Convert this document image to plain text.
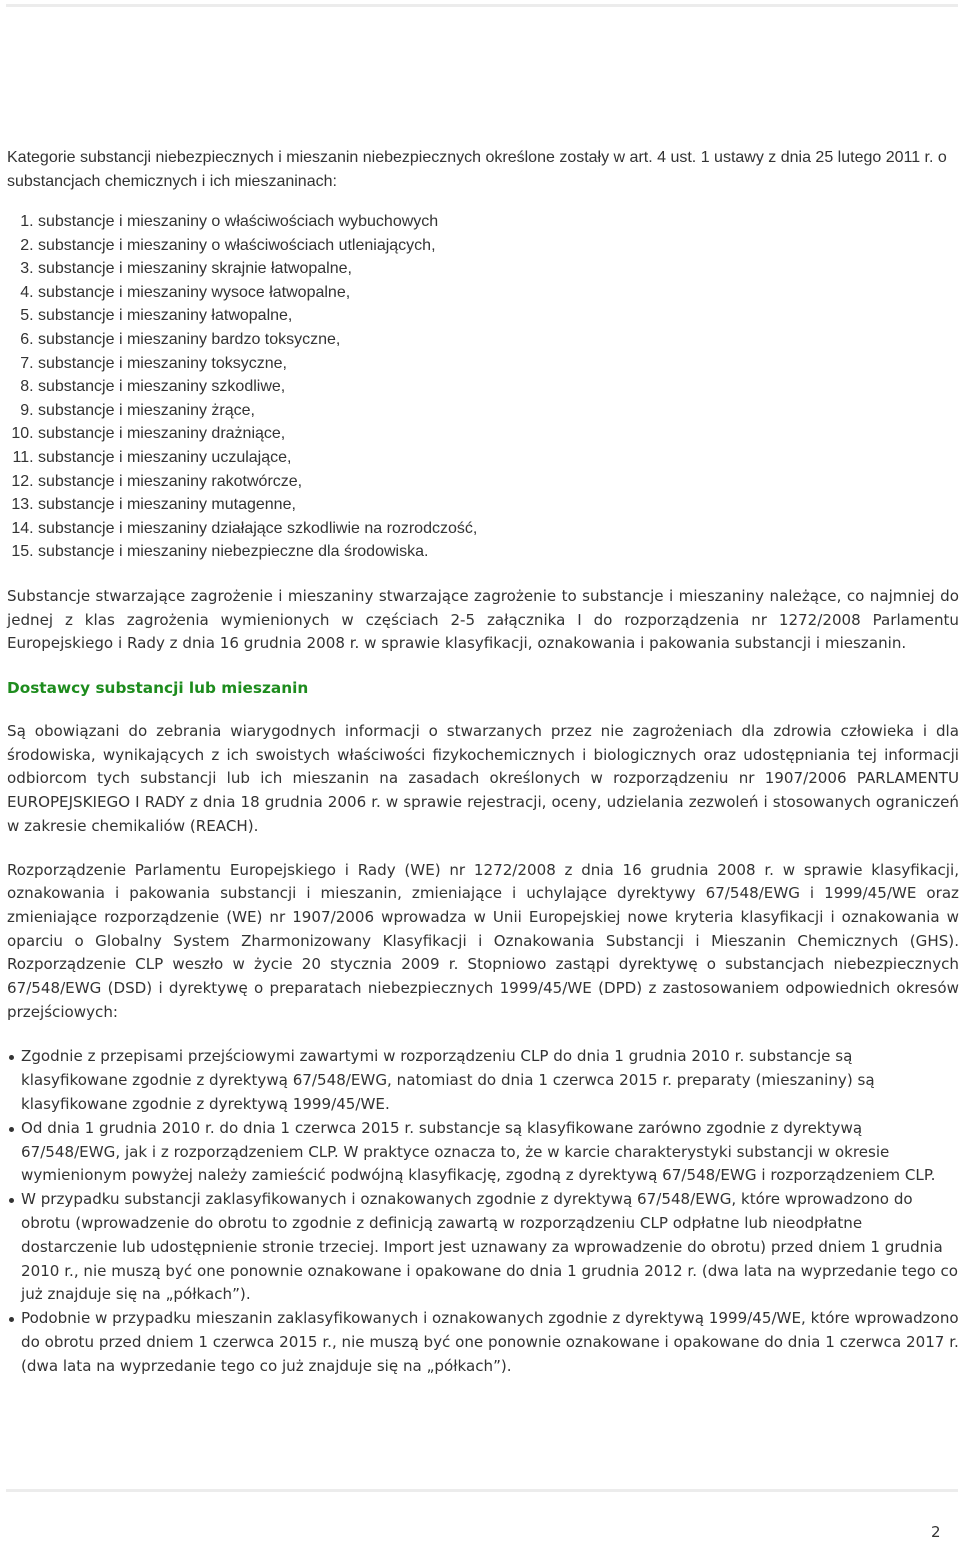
Kategorie substancji niebezpiecznych i mieszanin niebezpiecznych określone zostały w art. 4 ust. 1 ustawy z dnia 25 lutego 2011 r. o substancjach chemicznych i ich mieszaninach:

1. substancje i mieszaniny o właściwościach wybuchowych
2. substancje i mieszaniny o właściwościach utleniających,
3. substancje i mieszaniny skrajnie łatwopalne,
4. substancje i mieszaniny wysoce łatwopalne,
5. substancje i mieszaniny łatwopalne,
6. substancje i mieszaniny bardzo toksyczne,
7. substancje i mieszaniny toksyczne,
8. substancje i mieszaniny szkodliwe,
9. substancje i mieszaniny żrące,
10. substancje i mieszaniny drażniące,
11. substancje i mieszaniny uczulające,
12. substancje i mieszaniny rakotwórcze,
13. substancje i mieszaniny mutagenne,
14. substancje i mieszaniny działające szkodliwie na rozrodczość,
15. substancje i mieszaniny niebezpieczne dla środowiska.

Substancje stwarzające zagrożenie i mieszaniny stwarzające zagrożenie to substancje i mieszaniny należące, co najmniej do jednej z klas zagrożenia wymienionych w częściach 2-5 załącznika I do rozporządzenia nr 1272/2008 Parlamentu Europejskiego i Rady z dnia 16 grudnia 2008 r. w sprawie klasyfikacji, oznakowania i pakowania substancji i mieszanin.

Dostawcy substancji lub mieszanin

Są obowiązani do zebrania wiarygodnych informacji o stwarzanych przez nie zagrożeniach dla zdrowia człowieka i dla środowiska, wynikających z ich swoistych właściwości fizykochemicznych i biologicznych oraz udostępniania tej informacji odbiorcom tych substancji lub ich mieszanin na zasadach określonych w rozporządzeniu nr 1907/2006 PARLAMENTU EUROPEJSKIEGO I RADY z dnia 18 grudnia 2006 r. w sprawie rejestracji, oceny, udzielania zezwoleń i stosowanych ograniczeń w zakresie chemikaliów (REACH).

Rozporządzenie Parlamentu Europejskiego i Rady (WE) nr 1272/2008 z dnia 16 grudnia 2008 r. w sprawie klasyfikacji, oznakowania i pakowania substancji i mieszanin, zmieniające i uchylające dyrektywy 67/548/EWG i 1999/45/WE oraz zmieniające rozporządzenie (WE) nr 1907/2006 wprowadza w Unii Europejskiej nowe kryteria klasyfikacji i oznakowania w oparciu o Globalny System Zharmonizowany Klasyfikacji i Oznakowania Substancji i Mieszanin Chemicznych (GHS). Rozporządzenie CLP weszło w życie 20 stycznia 2009 r. Stopniowo zastąpi dyrektywę o substancjach niebezpiecznych 67/548/EWG (DSD) i dyrektywę o preparatach niebezpiecznych 1999/45/WE (DPD) z zastosowaniem odpowiednich okresów przejściowych:

Zgodnie z przepisami przejściowymi zawartymi w rozporządzeniu CLP do dnia 1 grudnia 2010 r. substancje są klasyfikowane zgodnie z dyrektywą 67/548/EWG, natomiast do dnia 1 czerwca 2015 r. preparaty (mieszaniny) są klasyfikowane zgodnie z dyrektywą 1999/45/WE.
Od dnia 1 grudnia 2010 r. do dnia 1 czerwca 2015 r. substancje są klasyfikowane zarówno zgodnie z dyrektywą 67/548/EWG, jak i z rozporządzeniem CLP. W praktyce oznacza to, że w karcie charakterystyki substancji w okresie wymienionym powyżej należy zamieścić podwójną klasyfikację, zgodną z dyrektywą 67/548/EWG i rozporządzeniem CLP.
W przypadku substancji zaklasyfikowanych i oznakowanych zgodnie z dyrektywą 67/548/EWG, które wprowadzono do obrotu (wprowadzenie do obrotu to zgodnie z definicją zawartą w rozporządzeniu CLP odpłatne lub nieodpłatne dostarczenie lub udostępnienie stronie trzeciej. Import jest uznawany za wprowadzenie do obrotu) przed dniem 1 grudnia 2010 r., nie muszą być one ponownie oznakowane i opakowane do dnia 1 grudnia 2012 r. (dwa lata na wyprzedanie tego co już znajduje się na „półkach”).
Podobnie w przypadku mieszanin zaklasyfikowanych i oznakowanych zgodnie z dyrektywą 1999/45/WE, które wprowadzono do obrotu przed dniem 1 czerwca 2015 r., nie muszą być one ponownie oznakowane i opakowane do dnia 1 czerwca 2017 r. (dwa lata na wyprzedanie tego co już znajduje się na „półkach”).
2
